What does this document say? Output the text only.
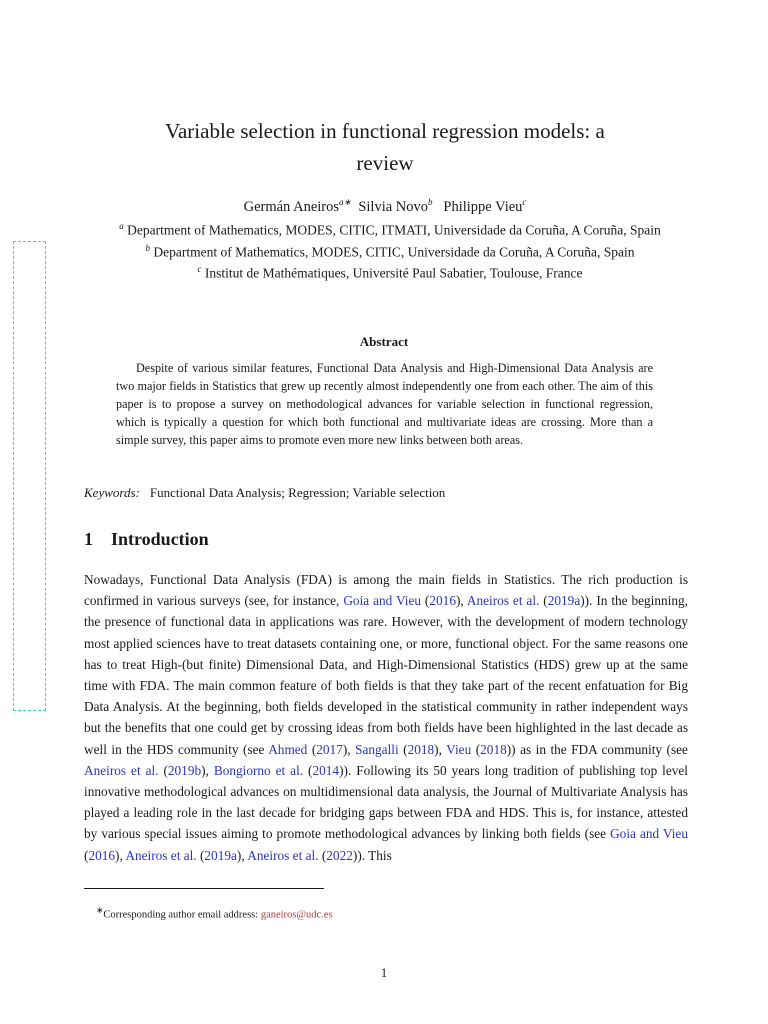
Variable selection in functional regression models: a
review
Germán Aneiros$^{a∗}$ Silvia Novo$^b$ Philippe Vieu$^c$
$^a$ Department of Mathematics, MODES, CITIC, ITMATI, Universidade da Coruña, A Coruña, Spain
$^b$ Department of Mathematics, MODES, CITIC, Universidade da Coruña, A Coruña, Spain
$^c$ Institut de Mathématiques, Université Paul Sabatier, Toulouse, France
Abstract
Despite of various similar features, Functional Data Analysis and High-Dimensional Data Analysis are two major fields in Statistics that grew up recently almost independently one from each other. The aim of this paper is to propose a survey on methodological advances for variable selection in functional regression, which is typically a question for which both functional and multivariate ideas are crossing. More than a simple survey, this paper aims to promote even more new links between both areas.
Keywords: Functional Data Analysis; Regression; Variable selection
1 Introduction
Nowadays, Functional Data Analysis (FDA) is among the main fields in Statistics. The rich production is confirmed in various surveys (see, for instance, Goia and Vieu (2016), Aneiros et al. (2019a)). In the beginning, the presence of functional data in applications was rare. However, with the development of modern technology most applied sciences have to treat datasets containing one, or more, functional object. For the same reasons one has to treat High-(but finite) Dimensional Data, and High-Dimensional Statistics (HDS) grew up at the same time with FDA. The main common feature of both fields is that they take part of the recent enfatuation for Big Data Analysis. At the beginning, both fields developed in the statistical community in rather independent ways but the benefits that one could get by crossing ideas from both fields have been highlighted in the last decade as well in the HDS community (see Ahmed (2017), Sangalli (2018), Vieu (2018)) as in the FDA community (see Aneiros et al. (2019b), Bongiorno et al. (2014)). Following its 50 years long tradition of publishing top level innovative methodological advances on multidimensional data analysis, the Journal of Multivariate Analysis has played a leading role in the last decade for bridging gaps between FDA and HDS. This is, for instance, attested by various special issues aiming to promote methodological advances by linking both fields (see Goia and Vieu (2016), Aneiros et al. (2019a), Aneiros et al. (2022)). This
∗Corresponding author email address: ganeiros@udc.es
1
